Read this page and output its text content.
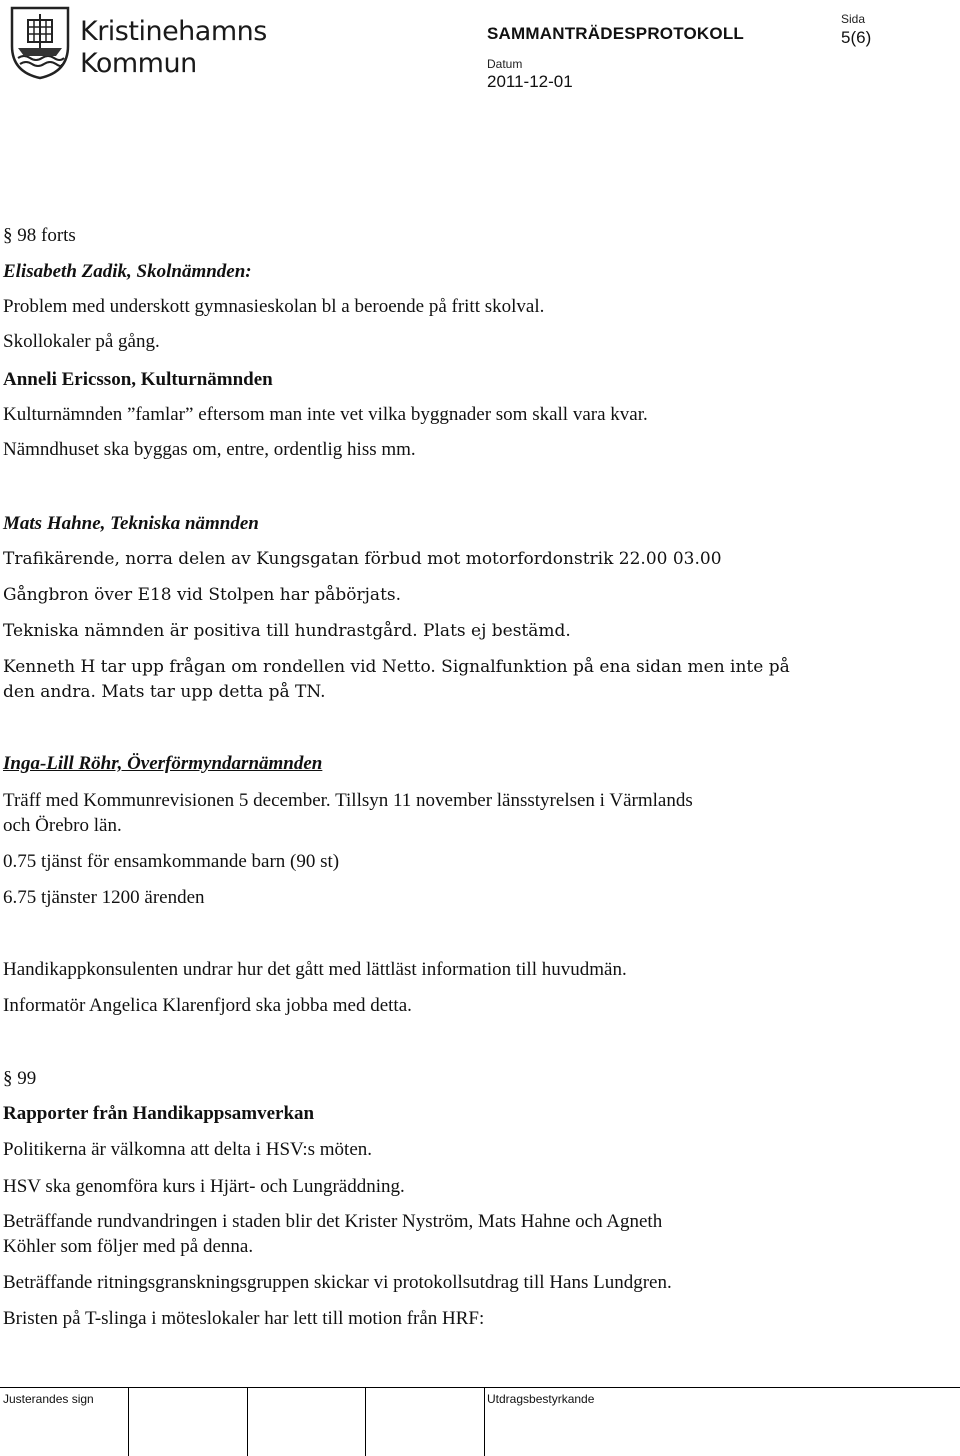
Kristinehamns
Kommun
SAMMANTRÄDESPROTOKOLL
Sida
5(6)
Datum
2011-12-01
§ 98 forts
Elisabeth Zadik, Skolnämnden:
Problem med underskott gymnasieskolan bl a beroende på fritt skolval.
Skollokaler på gång.
Anneli Ericsson, Kulturnämnden
Kulturnämnden ”famlar” eftersom man inte vet vilka byggnader som skall vara kvar.
Nämndhuset ska byggas om, entre, ordentlig hiss mm.
Mats Hahne, Tekniska nämnden
Trafikärende, norra delen av Kungsgatan förbud mot motorfordonstrik 22.00 03.00
Gångbron över E18 vid Stolpen har påbörjats.
Tekniska nämnden är positiva till hundrastgård. Plats ej bestämd.
Kenneth H tar upp frågan om rondellen vid Netto. Signalfunktion på ena sidan men inte på
den andra. Mats tar upp detta på TN.
Inga-Lill Röhr, Överförmyndarnämnden
Träff med Kommunrevisionen 5 december. Tillsyn 11 november länsstyrelsen i Värmlands
och Örebro län.
0.75 tjänst för ensamkommande barn (90 st)
6.75 tjänster 1200 ärenden
Handikappkonsulenten undrar hur det gått med lättläst information till huvudmän.
Informatör Angelica Klarenfjord ska jobba med detta.
§ 99
Rapporter från Handikappsamverkan
Politikerna är välkomna att delta i HSV:s möten.
HSV ska genomföra kurs i Hjärt- och Lungräddning.
Beträffande rundvandringen i staden blir det Krister Nyström, Mats Hahne och Agneth
Köhler som följer med på denna.
Beträffande ritningsgranskningsgruppen skickar vi protokollsutdrag till Hans Lundgren.
Bristen på T-slinga i möteslokaler har lett till motion från HRF:
Justerandes sign	Utdragsbestyrkande
